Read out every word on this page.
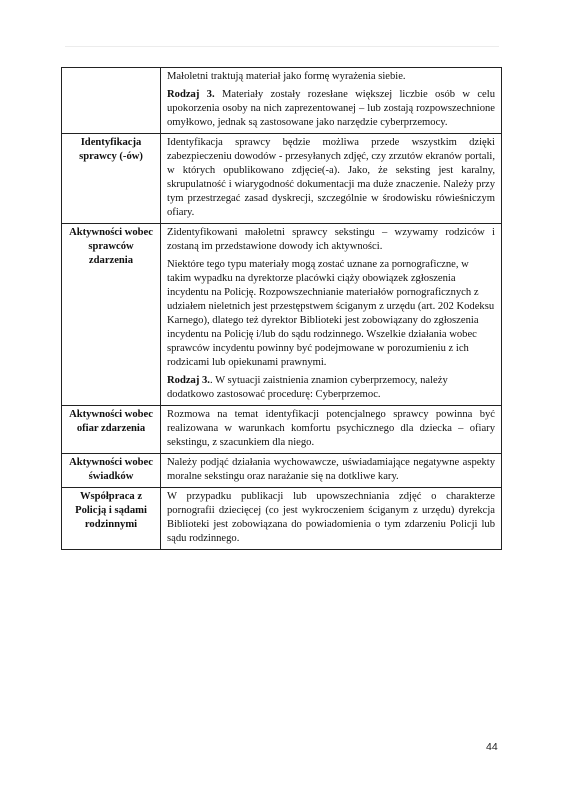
	Małoletni traktują materiał jako formę wyrażenia siebie.

Rodzaj 3. Materiały zostały rozesłane większej liczbie osób w celu upokorzenia osoby na nich zaprezentowanej – lub zostają rozpowszechnione omyłkowo, jednak są zastosowane jako narzędzie cyberprzemocy.

Identyfikacja sprawcy (-ów)	Identyfikacja sprawcy będzie możliwa przede wszystkim dzięki zabezpieczeniu dowodów - przesyłanych zdjęć, czy zrzutów ekranów portali, w których opublikowano zdjęcie(-a). Jako, że seksting jest karalny, skrupulatność i wiarygodność dokumentacji ma duże znaczenie. Należy przy tym przestrzegać zasad dyskrecji, szczególnie w środowisku rówieśniczym ofiary.

Aktywności wobec sprawców zdarzenia	Zidentyfikowani małoletni sprawcy sekstingu – wzywamy rodziców i zostaną im przedstawione dowody ich aktywności.

Niektóre tego typu materiały mogą zostać uznane za pornograficzne, w takim wypadku na dyrektorze placówki ciąży obowiązek zgłoszenia incydentu na Policję. Rozpowszechnianie materiałów pornograficznych z udziałem nieletnich jest przestępstwem ściganym z urzędu (art. 202 Kodeksu Karnego), dlatego też dyrektor Biblioteki jest zobowiązany do zgłoszenia incydentu na Policję i/lub do sądu rodzinnego. Wszelkie działania wobec sprawców incydentu powinny być podejmowane w porozumieniu z ich rodzicami lub opiekunami prawnymi.

Rodzaj 3.. W sytuacji zaistnienia znamion cyberprzemocy, należy dodatkowo zastosować procedurę: Cyberprzemoc.

Aktywności wobec ofiar zdarzenia	Rozmowa na temat identyfikacji potencjalnego sprawcy powinna być realizowana w warunkach komfortu psychicznego dla dziecka – ofiary sekstingu, z szacunkiem dla niego.

Aktywności wobec świadków	Należy podjąć działania wychowawcze, uświadamiające negatywne aspekty moralne sekstingu oraz narażanie się na dotkliwe kary.

Współpraca z Policją i sądami rodzinnymi	W przypadku publikacji lub upowszechniania zdjęć o charakterze pornografii dziecięcej (co jest wykroczeniem ściganym z urzędu) dyrekcja Biblioteki jest zobowiązana do powiadomienia o tym zdarzeniu Policji lub sądu rodzinnego.

44
